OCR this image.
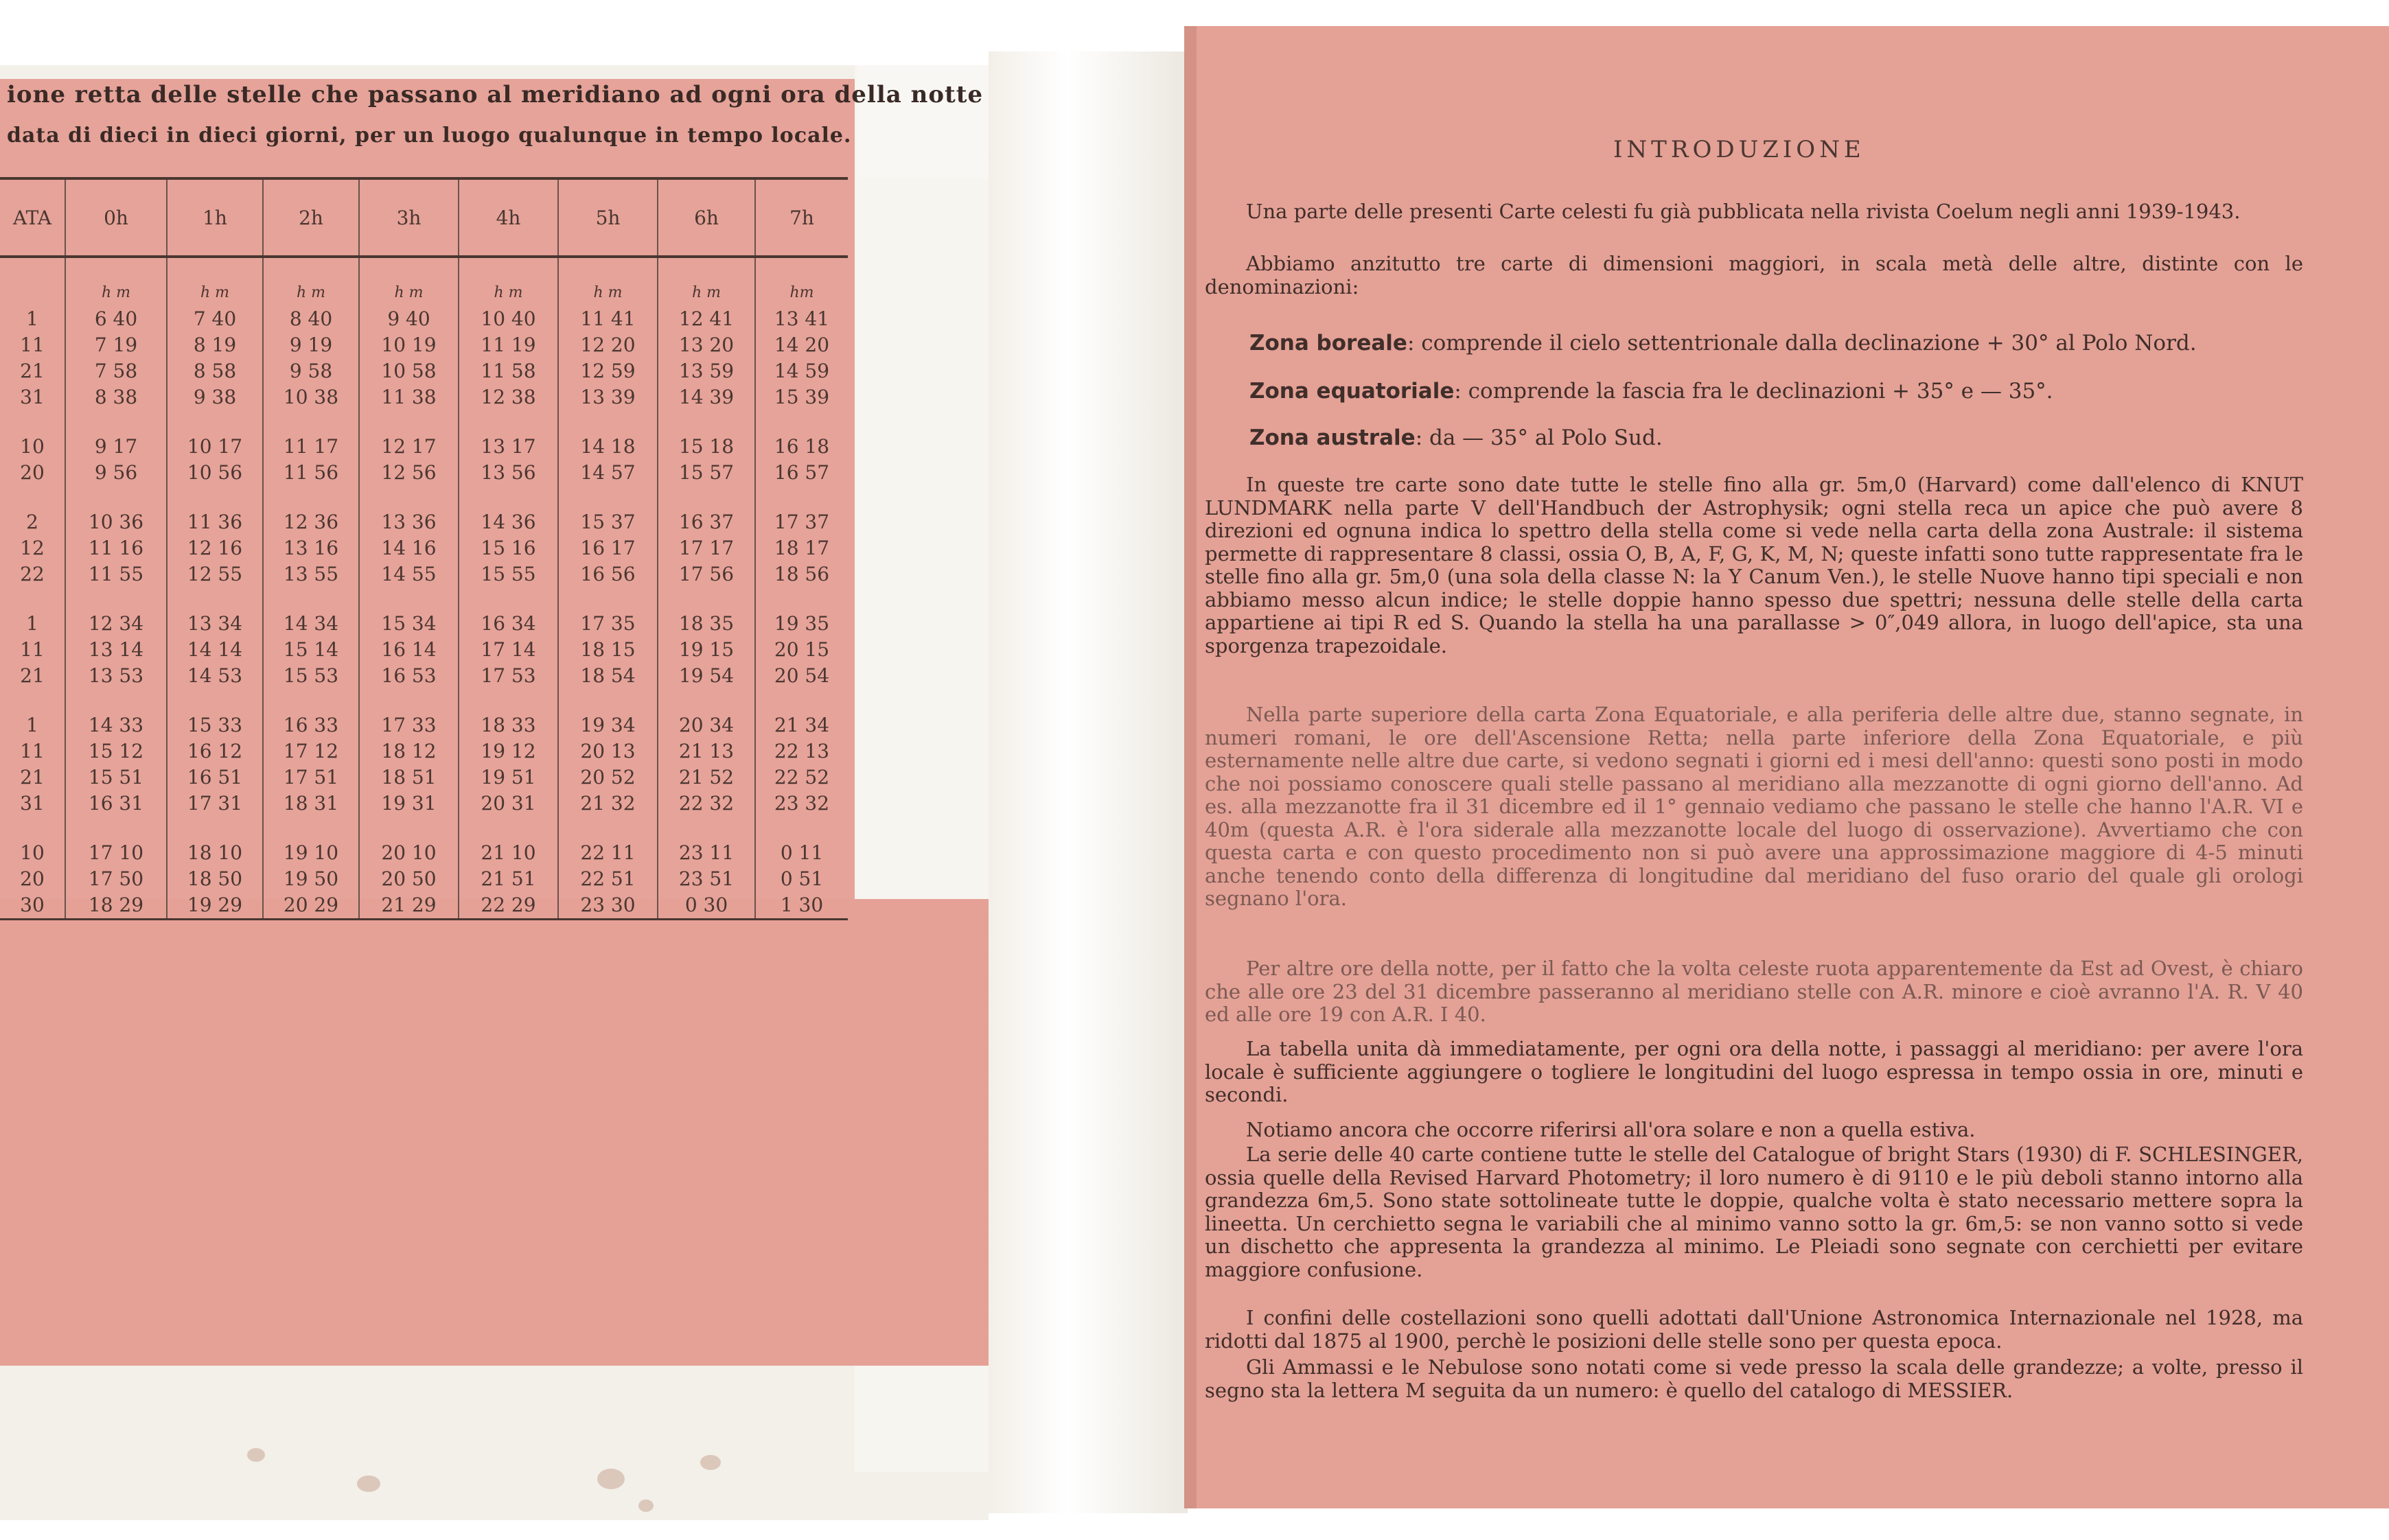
ione retta delle stelle che passano al meridiano ad ogni ora della notte
data di dieci in dieci giorni, per un luogo qualunque in tempo locale.
ATA	0h	1h	2h	3h	4h	5h	6h	7h
	h m	h m	h m	h m	h m	h m	h m	hm
1	6 40	7 40	8 40	9 40	10 40	11 41	12 41	13 41
11	7 19	8 19	9 19	10 19	11 19	12 20	13 20	14 20
21	7 58	8 58	9 58	10 58	11 58	12 59	13 59	14 59
31	8 38	9 38	10 38	11 38	12 38	13 39	14 39	15 39

10	9 17	10 17	11 17	12 17	13 17	14 18	15 18	16 18
20	9 56	10 56	11 56	12 56	13 56	14 57	15 57	16 57

2	10 36	11 36	12 36	13 36	14 36	15 37	16 37	17 37
12	11 16	12 16	13 16	14 16	15 16	16 17	17 17	18 17
22	11 55	12 55	13 55	14 55	15 55	16 56	17 56	18 56

1	12 34	13 34	14 34	15 34	16 34	17 35	18 35	19 35
11	13 14	14 14	15 14	16 14	17 14	18 15	19 15	20 15
21	13 53	14 53	15 53	16 53	17 53	18 54	19 54	20 54

1	14 33	15 33	16 33	17 33	18 33	19 34	20 34	21 34
11	15 12	16 12	17 12	18 12	19 12	20 13	21 13	22 13
21	15 51	16 51	17 51	18 51	19 51	20 52	21 52	22 52
31	16 31	17 31	18 31	19 31	20 31	21 32	22 32	23 32

10	17 10	18 10	19 10	20 10	21 10	22 11	23 11	0 11
20	17 50	18 50	19 50	20 50	21 51	22 51	23 51	0 51
30	18 29	19 29	20 29	21 29	22 29	23 30	0 30	1 30
INTRODUZIONE
Una parte delle presenti Carte celesti fu già pubblicata nella rivista Coelum negli anni 1939-1943.
Abbiamo anzitutto tre carte di dimensioni maggiori, in scala metà delle altre, distinte con le denominazioni:
Zona boreale: comprende il cielo settentrionale dalla declinazione + 30° al Polo Nord.
Zona equatoriale: comprende la fascia fra le declinazioni + 35° e — 35°.
Zona australe: da — 35° al Polo Sud.
In queste tre carte sono date tutte le stelle fino alla gr. 5m,0 (Harvard) come dall'elenco di KNUT LUNDMARK nella parte V dell'Handbuch der Astrophysik; ogni stella reca un apice che può avere 8 direzioni ed ognuna indica lo spettro della stella come si vede nella carta della zona Australe: il sistema permette di rappresentare 8 classi, ossia O, B, A, F, G, K, M, N; queste infatti sono tutte rappresentate fra le stelle fino alla gr. 5m,0 (una sola della classe N: la Y Canum Ven.), le stelle Nuove hanno tipi speciali e non abbiamo messo alcun indice; le stelle doppie hanno spesso due spettri; nessuna delle stelle della carta appartiene ai tipi R ed S. Quando la stella ha una parallasse > 0″,049 allora, in luogo dell'apice, sta una sporgenza trapezoidale.
Nella parte superiore della carta Zona Equatoriale, e alla periferia delle altre due, stanno segnate, in numeri romani, le ore dell'Ascensione Retta; nella parte inferiore della Zona Equatoriale, e più esternamente nelle altre due carte, si vedono segnati i giorni ed i mesi dell'anno: questi sono posti in modo che noi possiamo conoscere quali stelle passano al meridiano alla mezzanotte di ogni giorno dell'anno. Ad es. alla mezzanotte fra il 31 dicembre ed il 1° gennaio vediamo che passano le stelle che hanno l'A.R. VI e 40m (questa A.R. è l'ora siderale alla mezzanotte locale del luogo di osservazione). Avvertiamo che con questa carta e con questo procedimento non si può avere una approssimazione maggiore di 4-5 minuti anche tenendo conto della differenza di longitudine dal meridiano del fuso orario del quale gli orologi segnano l'ora.
Per altre ore della notte, per il fatto che la volta celeste ruota apparentemente da Est ad Ovest, è chiaro che alle ore 23 del 31 dicembre passeranno al meridiano stelle con A.R. minore e cioè avranno l'A. R. V 40 ed alle ore 19 con A.R. I 40.
La tabella unita dà immediatamente, per ogni ora della notte, i passaggi al meridiano: per avere l'ora locale è sufficiente aggiungere o togliere le longitudini del luogo espressa in tempo ossia in ore, minuti e secondi.
Notiamo ancora che occorre riferirsi all'ora solare e non a quella estiva.
La serie delle 40 carte contiene tutte le stelle del Catalogue of bright Stars (1930) di F. SCHLESINGER, ossia quelle della Revised Harvard Photometry; il loro numero è di 9110 e le più deboli stanno intorno alla grandezza 6m,5. Sono state sottolineate tutte le doppie, qualche volta è stato necessario mettere sopra la lineetta. Un cerchietto segna le variabili che al minimo vanno sotto la gr. 6m,5: se non vanno sotto si vede un dischetto che appresenta la grandezza al minimo. Le Pleiadi sono segnate con cerchietti per evitare maggiore confusione.
I confini delle costellazioni sono quelli adottati dall'Unione Astronomica Internazionale nel 1928, ma ridotti dal 1875 al 1900, perchè le posizioni delle stelle sono per questa epoca.
Gli Ammassi e le Nebulose sono notati come si vede presso la scala delle grandezze; a volte, presso il segno sta la lettera M seguita da un numero: è quello del catalogo di MESSIER.
